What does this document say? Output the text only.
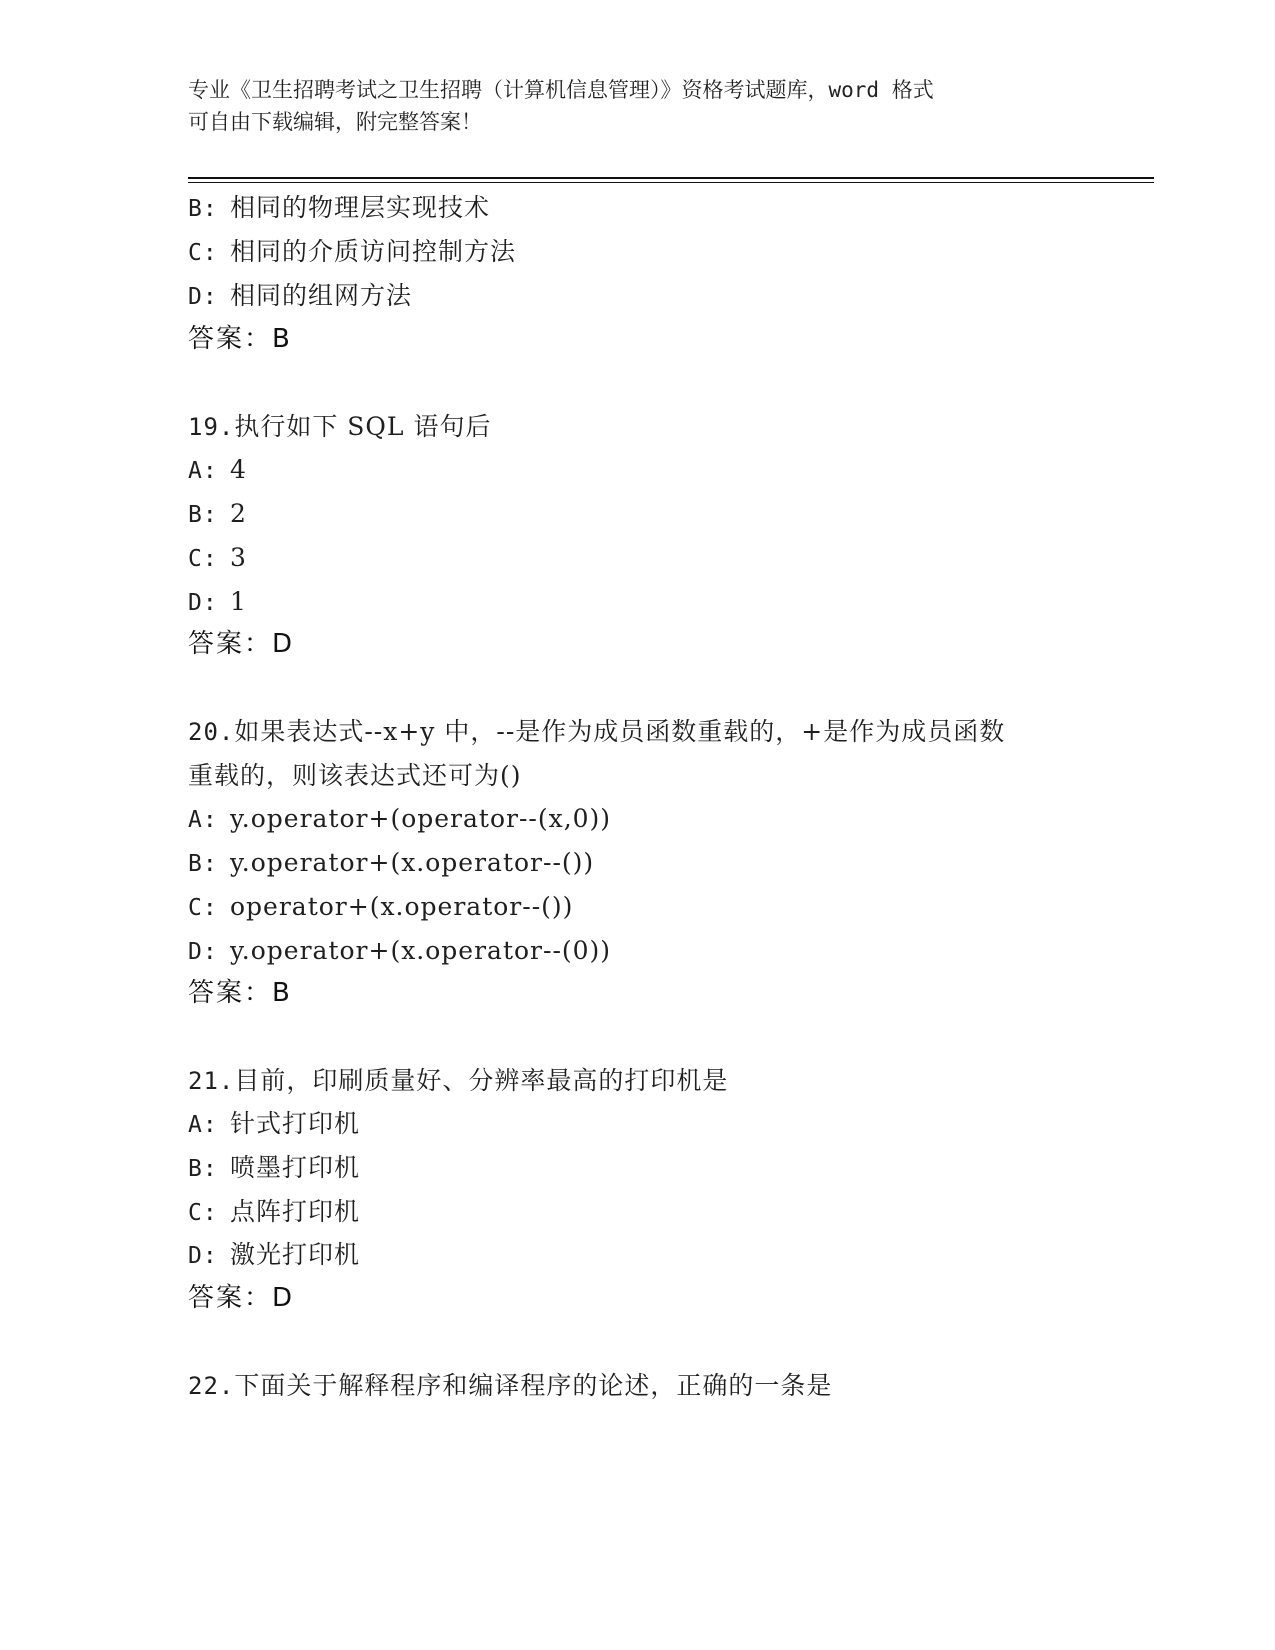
专业《卫生招聘考试之卫生招聘（计算机信息管理）》资格考试题库，word 格式
可自由下载编辑，附完整答案！
B: 相同的物理层实现技术
C: 相同的介质访问控制方法
D: 相同的组网方法
答案：B
19.执行如下 SQL 语句后
A: 4
B: 2
C: 3
D: 1
答案：D
20.如果表达式--x+y 中，--是作为成员函数重载的，+是作为成员函数
重载的，则该表达式还可为()
A: y.operator+(operator--(x,0))
B: y.operator+(x.operator--())
C: operator+(x.operator--())
D: y.operator+(x.operator--(0))
答案：B
21.目前，印刷质量好、分辨率最高的打印机是
A: 针式打印机
B: 喷墨打印机
C: 点阵打印机
D: 激光打印机
答案：D
22.下面关于解释程序和编译程序的论述，正确的一条是
